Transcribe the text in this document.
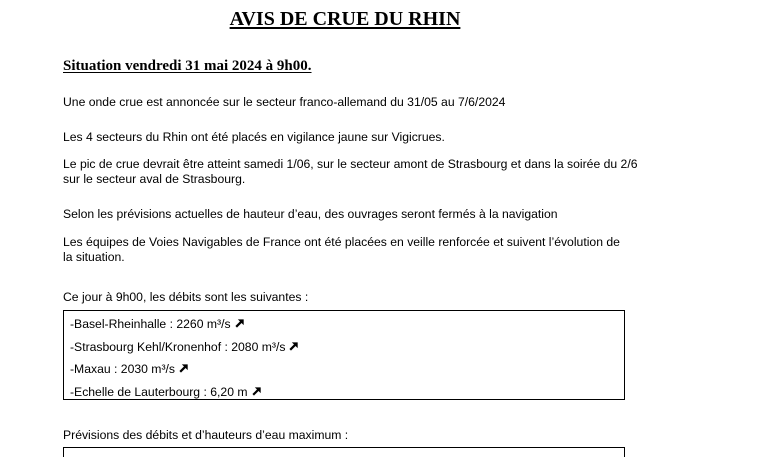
AVIS DE CRUE DU RHIN
Situation vendredi 31 mai 2024 à 9h00.

Une onde crue est annoncée sur le secteur franco-allemand du 31/05 au 7/6/2024

Les 4 secteurs du Rhin ont été placés en vigilance jaune sur Vigicrues.

Le pic de crue devrait être atteint samedi 1/06, sur le secteur amont de Strasbourg et dans la soirée du 2/6 sur le secteur aval de Strasbourg.

Selon les prévisions actuelles de hauteur d’eau, des ouvrages seront fermés à la navigation

Les équipes de Voies Navigables de France ont été placées en veille renforcée et suivent l’évolution de la situation.

Ce jour à 9h00, les débits sont les suivantes :

-Basel-Rheinhalle : 2260 m³/s
-Strasbourg Kehl/Kronenhof : 2080 m³/s
-Maxau : 2030 m³/s
-Echelle de Lauterbourg : 6,20 m

Prévisions des débits et d’hauteurs d’eau maximum :
